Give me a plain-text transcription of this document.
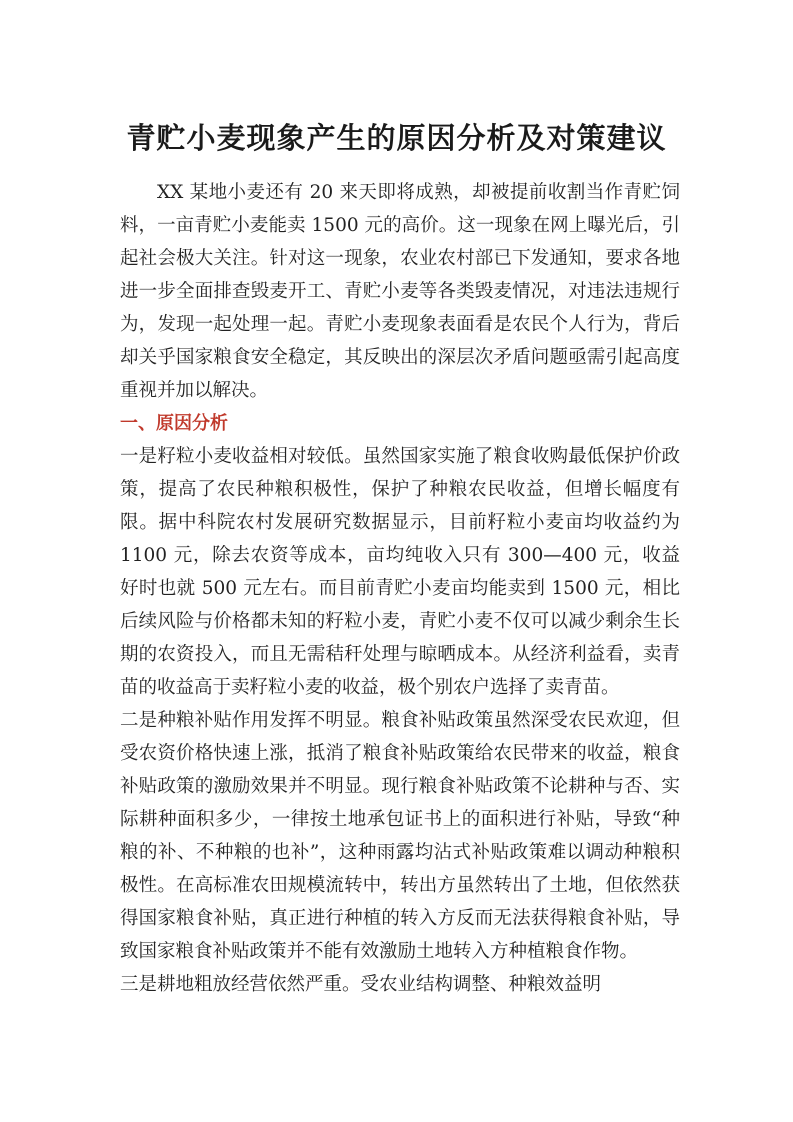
青贮小麦现象产生的原因分析及对策建议

XX 某地小麦还有 20 来天即将成熟，却被提前收割当作青贮饲料，一亩青贮小麦能卖 1500 元的高价。这一现象在网上曝光后，引起社会极大关注。针对这一现象，农业农村部已下发通知，要求各地进一步全面排查毁麦开工、青贮小麦等各类毁麦情况，对违法违规行为，发现一起处理一起。青贮小麦现象表面看是农民个人行为，背后却关乎国家粮食安全稳定，其反映出的深层次矛盾问题亟需引起高度重视并加以解决。

一、原因分析

一是籽粒小麦收益相对较低。虽然国家实施了粮食收购最低保护价政策，提高了农民种粮积极性，保护了种粮农民收益，但增长幅度有限。据中科院农村发展研究数据显示，目前籽粒小麦亩均收益约为 1100 元，除去农资等成本，亩均纯收入只有 300—400 元，收益好时也就 500 元左右。而目前青贮小麦亩均能卖到 1500 元，相比后续风险与价格都未知的籽粒小麦，青贮小麦不仅可以减少剩余生长期的农资投入，而且无需秸秆处理与晾晒成本。从经济利益看，卖青苗的收益高于卖籽粒小麦的收益，极个别农户选择了卖青苗。

二是种粮补贴作用发挥不明显。粮食补贴政策虽然深受农民欢迎，但受农资价格快速上涨，抵消了粮食补贴政策给农民带来的收益，粮食补贴政策的激励效果并不明显。现行粮食补贴政策不论耕种与否、实际耕种面积多少，一律按土地承包证书上的面积进行补贴，导致“种粮的补、不种粮的也补”，这种雨露均沾式补贴政策难以调动种粮积极性。在高标准农田规模流转中，转出方虽然转出了土地，但依然获得国家粮食补贴，真正进行种植的转入方反而无法获得粮食补贴，导致国家粮食补贴政策并不能有效激励土地转入方种植粮食作物。

三是耕地粗放经营依然严重。受农业结构调整、种粮效益明
